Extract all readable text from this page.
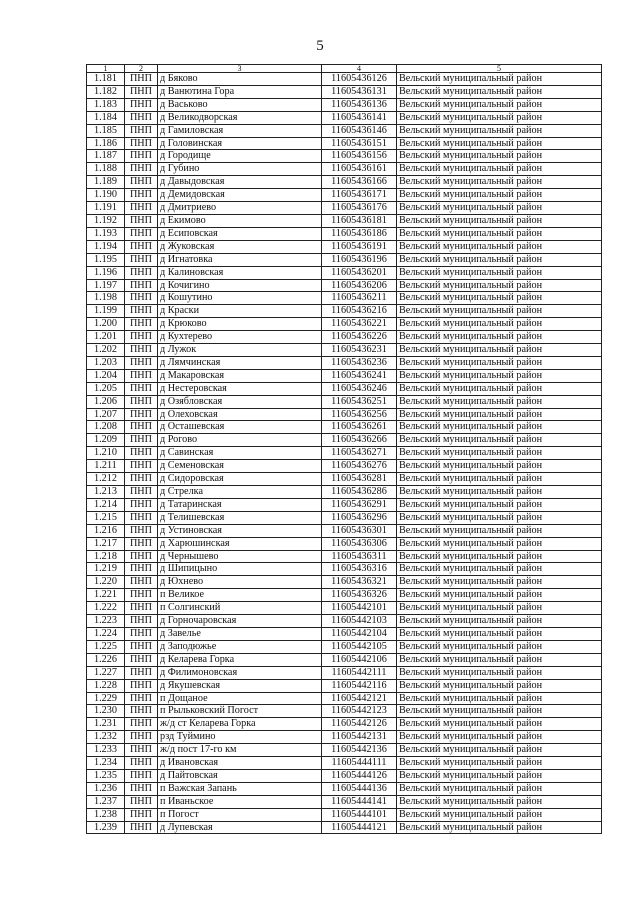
5
1	2	3	4	5
1.181	ПНП	д Бяково	11605436126	Вельский муниципальный район
1.182	ПНП	д Ванютина Гора	11605436131	Вельский муниципальный район
1.183	ПНП	д Васьково	11605436136	Вельский муниципальный район
1.184	ПНП	д Великодворская	11605436141	Вельский муниципальный район
1.185	ПНП	д Гамиловская	11605436146	Вельский муниципальный район
1.186	ПНП	д Головинская	11605436151	Вельский муниципальный район
1.187	ПНП	д Городище	11605436156	Вельский муниципальный район
1.188	ПНП	д Губино	11605436161	Вельский муниципальный район
1.189	ПНП	д Давыдовская	11605436166	Вельский муниципальный район
1.190	ПНП	д Демидовская	11605436171	Вельский муниципальный район
1.191	ПНП	д Дмитриево	11605436176	Вельский муниципальный район
1.192	ПНП	д Екимово	11605436181	Вельский муниципальный район
1.193	ПНП	д Есиповская	11605436186	Вельский муниципальный район
1.194	ПНП	д Жуковская	11605436191	Вельский муниципальный район
1.195	ПНП	д Игнатовка	11605436196	Вельский муниципальный район
1.196	ПНП	д Калиновская	11605436201	Вельский муниципальный район
1.197	ПНП	д Кочигино	11605436206	Вельский муниципальный район
1.198	ПНП	д Кошутино	11605436211	Вельский муниципальный район
1.199	ПНП	д Краски	11605436216	Вельский муниципальный район
1.200	ПНП	д Крюково	11605436221	Вельский муниципальный район
1.201	ПНП	д Кухтерево	11605436226	Вельский муниципальный район
1.202	ПНП	д Лужок	11605436231	Вельский муниципальный район
1.203	ПНП	д Лямчинская	11605436236	Вельский муниципальный район
1.204	ПНП	д Макаровская	11605436241	Вельский муниципальный район
1.205	ПНП	д Нестеровская	11605436246	Вельский муниципальный район
1.206	ПНП	д Озябловская	11605436251	Вельский муниципальный район
1.207	ПНП	д Олеховская	11605436256	Вельский муниципальный район
1.208	ПНП	д Осташевская	11605436261	Вельский муниципальный район
1.209	ПНП	д Рогово	11605436266	Вельский муниципальный район
1.210	ПНП	д Савинская	11605436271	Вельский муниципальный район
1.211	ПНП	д Семеновская	11605436276	Вельский муниципальный район
1.212	ПНП	д Сидоровская	11605436281	Вельский муниципальный район
1.213	ПНП	д Стрелка	11605436286	Вельский муниципальный район
1.214	ПНП	д Татаринская	11605436291	Вельский муниципальный район
1.215	ПНП	д Телишевская	11605436296	Вельский муниципальный район
1.216	ПНП	д Устиновская	11605436301	Вельский муниципальный район
1.217	ПНП	д Харюшинская	11605436306	Вельский муниципальный район
1.218	ПНП	д Чернышево	11605436311	Вельский муниципальный район
1.219	ПНП	д Шипицыно	11605436316	Вельский муниципальный район
1.220	ПНП	д Юхнево	11605436321	Вельский муниципальный район
1.221	ПНП	п Великое	11605436326	Вельский муниципальный район
1.222	ПНП	п Солгинский	11605442101	Вельский муниципальный район
1.223	ПНП	д Горночаровская	11605442103	Вельский муниципальный район
1.224	ПНП	д Завелье	11605442104	Вельский муниципальный район
1.225	ПНП	д Заподюжье	11605442105	Вельский муниципальный район
1.226	ПНП	д Келарева Горка	11605442106	Вельский муниципальный район
1.227	ПНП	д Филимоновская	11605442111	Вельский муниципальный район
1.228	ПНП	д Якушевская	11605442116	Вельский муниципальный район
1.229	ПНП	п Дощаное	11605442121	Вельский муниципальный район
1.230	ПНП	п Рыльковский Погост	11605442123	Вельский муниципальный район
1.231	ПНП	ж/д ст Келарева Горка	11605442126	Вельский муниципальный район
1.232	ПНП	рзд Туймино	11605442131	Вельский муниципальный район
1.233	ПНП	ж/д пост 17-го км	11605442136	Вельский муниципальный район
1.234	ПНП	д Ивановская	11605444111	Вельский муниципальный район
1.235	ПНП	д Пайтовская	11605444126	Вельский муниципальный район
1.236	ПНП	п Важская Запань	11605444136	Вельский муниципальный район
1.237	ПНП	п Иваньское	11605444141	Вельский муниципальный район
1.238	ПНП	п Погост	11605444101	Вельский муниципальный район
1.239	ПНП	д Лупевская	11605444121	Вельский муниципальный район
